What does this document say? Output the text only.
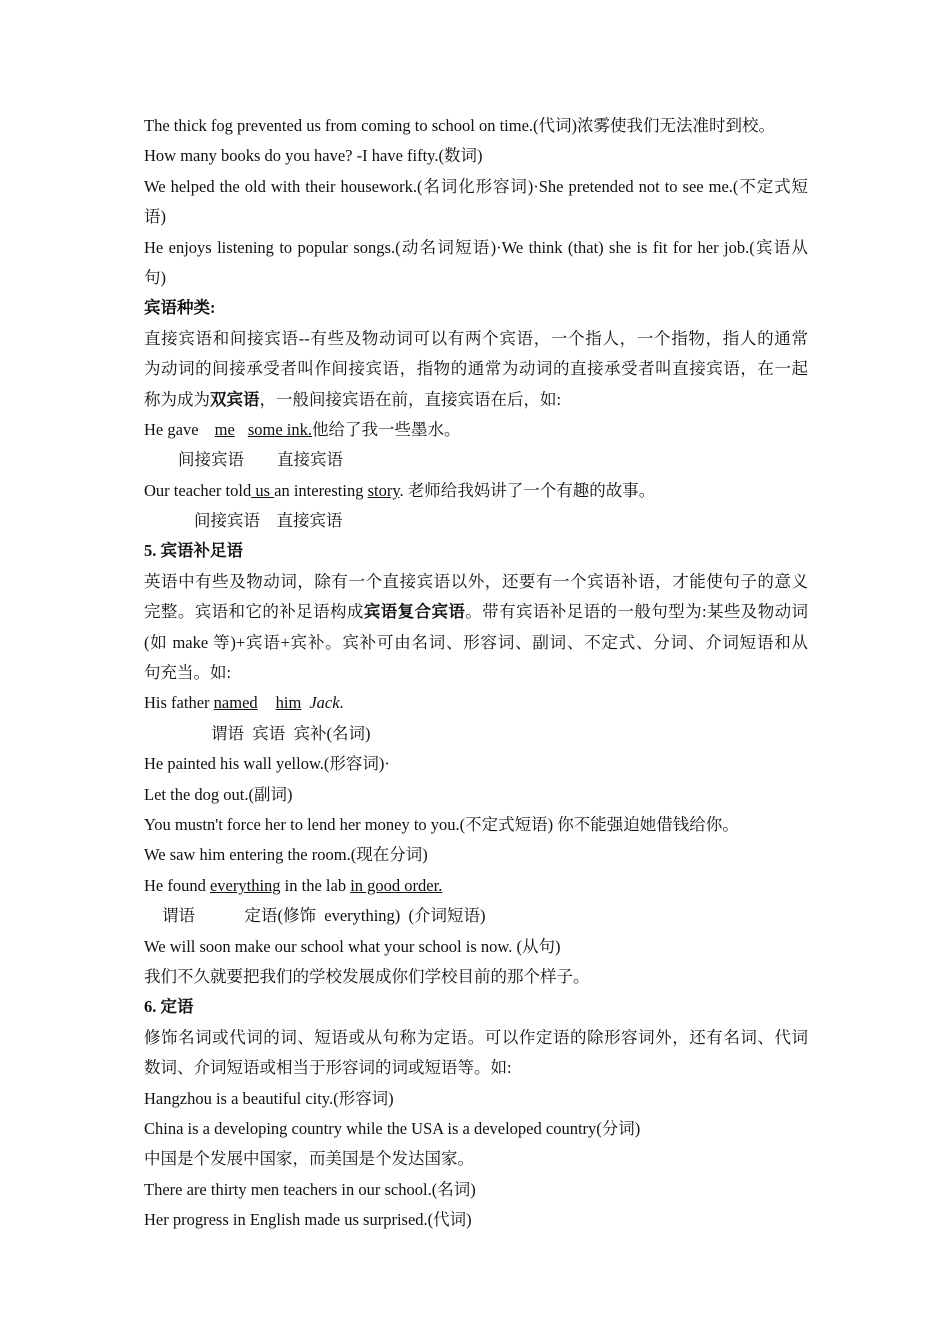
The thick fog prevented us from coming to school on time.(代词)浓雾使我们无法准时到校。
How many books do you have? -I have fifty.(数词)
We helped the old with their housework.(名词化形容词)·She pretended not to see me.(不定式短
语)
He enjoys listening to popular songs.(动名词短语)·We think (that) she is fit for her job.(宾语从
句)
宾语种类:
直接宾语和间接宾语--有些及物动词可以有两个宾语，一个指人，一个指物，指人的通常
为动词的间接承受者叫作间接宾语，指物的通常为动词的直接承受者叫直接宾语，在一起
称为成为双宾语，一般间接宾语在前，直接宾语在后，如:
He gave me some ink.他给了我一些墨水。
间接宾语　　直接宾语
Our teacher told us an interesting story. 老师给我妈讲了一个有趣的故事。
间接宾语　直接宾语
5. 宾语补足语
英语中有些及物动词，除有一个直接宾语以外，还要有一个宾语补语，才能使句子的意义
完整。宾语和它的补足语构成宾语复合宾语。带有宾语补足语的一般句型为:某些及物动词
(如 make 等)+宾语+宾补。宾补可由名词、形容词、副词、不定式、分词、介词短语和从
句充当。如:
His father named him Jack.
谓语  宾语  宾补(名词)
He painted his wall yellow.(形容词)·
Let the dog out.(副词)
You mustn't force her to lend her money to you.(不定式短语) 你不能强迫她借钱给你。
We saw him entering the room.(现在分词)
He found everything in the lab in good order.
谓语　　　定语(修饰  everything)  (介词短语)
We will soon make our school what your school is now. (从句)
我们不久就要把我们的学校发展成你们学校目前的那个样子。
6. 定语
修饰名词或代词的词、短语或从句称为定语。可以作定语的除形容词外，还有名词、代词
数词、介词短语或相当于形容词的词或短语等。如:
Hangzhou is a beautiful city.(形容词)
China is a developing country while the USA is a developed country(分词)
中国是个发展中国家，而美国是个发达国家。
There are thirty men teachers in our school.(名词)
Her progress in English made us surprised.(代词)
